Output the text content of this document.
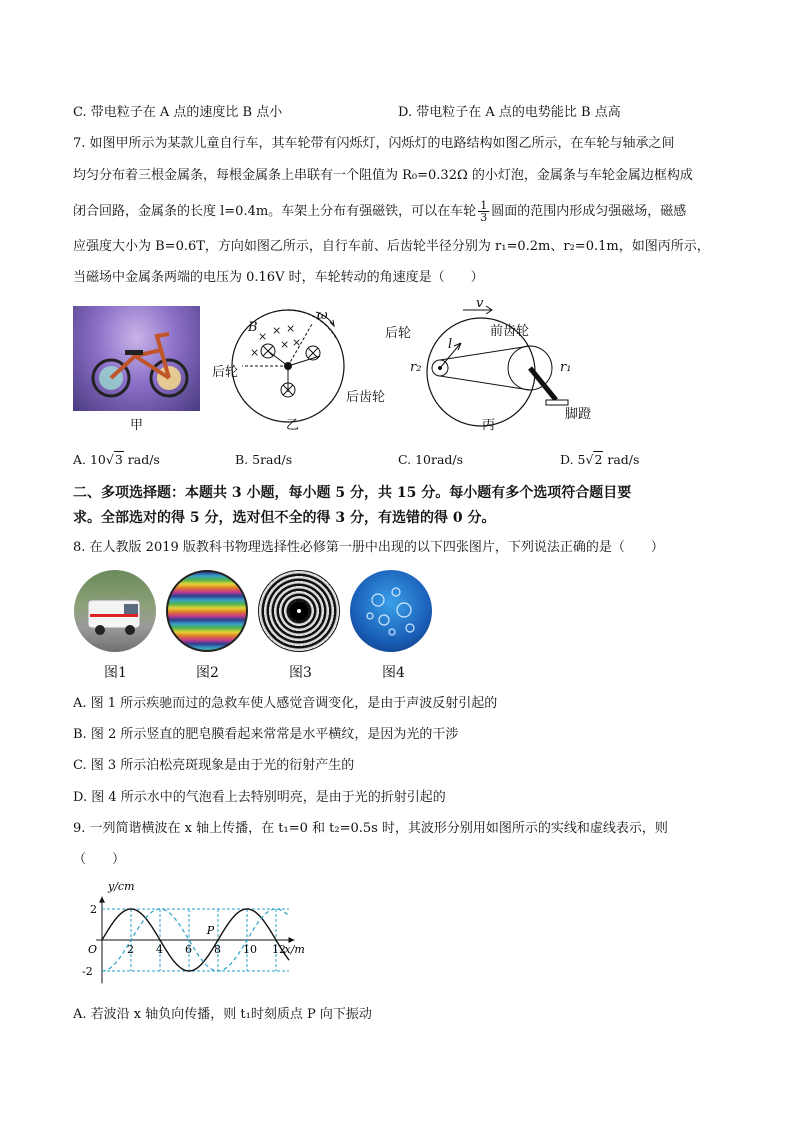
C. 带电粒子在 A 点的速度比 B 点小	D. 带电粒子在 A 点的电势能比 B 点高
7. 如图甲所示为某款儿童自行车，其车轮带有闪烁灯，闪烁灯的电路结构如图乙所示，在车轮与轴承之间
均匀分布着三根金属条，每根金属条上串联有一个阻值为 R₀=0.32Ω 的小灯泡，金属条与车轮金属边框构成
闭合回路，金属条的长度 l=0.4m。车架上分布有强磁铁，可以在车轮 $\frac{1}{3}$ 圆面的范围内形成匀强磁场，磁感
应强度大小为 B=0.6T，方向如图乙所示，自行车前、后齿轮半径分别为 r₁=0.2m、r₂=0.1m，如图丙所示，
当磁场中金属条两端的电压为 0.16V 时，车轮转动的角速度是（　　）
甲
× × ×
×
× ×
B
ω
后轮
乙
后轮	前齿轮
后齿轮
脚蹬
l
r₁
r₂
v
丙
A. 10√3 rad/s	B. 5rad/s	C. 10rad/s	D. 5√2 rad/s
二、多项选择题：本题共 3 小题，每小题 5 分，共 15 分。每小题有多个选项符合题目要
求。全部选对的得 5 分，选对但不全的得 3 分，有选错的得 0 分。
8. 在人教版 2019 版教科书物理选择性必修第一册中出现的以下四张图片，下列说法正确的是（　　）
图1	图2	图3	图4
A. 图 1 所示疾驰而过的急救车使人感觉音调变化，是由于声波反射引起的
B. 图 2 所示竖直的肥皂膜看起来常常是水平横纹，是因为光的干涉
C. 图 3 所示泊松亮斑现象是由于光的衍射产生的
D. 图 4 所示水中的气泡看上去特别明亮，是由于光的折射引起的
9. 一列简谐横波在 x 轴上传播，在 t₁=0 和 t₂=0.5s 时，其波形分别用如图所示的实线和虚线表示，则
（　　）
2 4 6 8 10 12
2
-2
O
y/cm
x/m
P
A. 若波沿 x 轴负向传播，则 t₁时刻质点 P 向下振动
